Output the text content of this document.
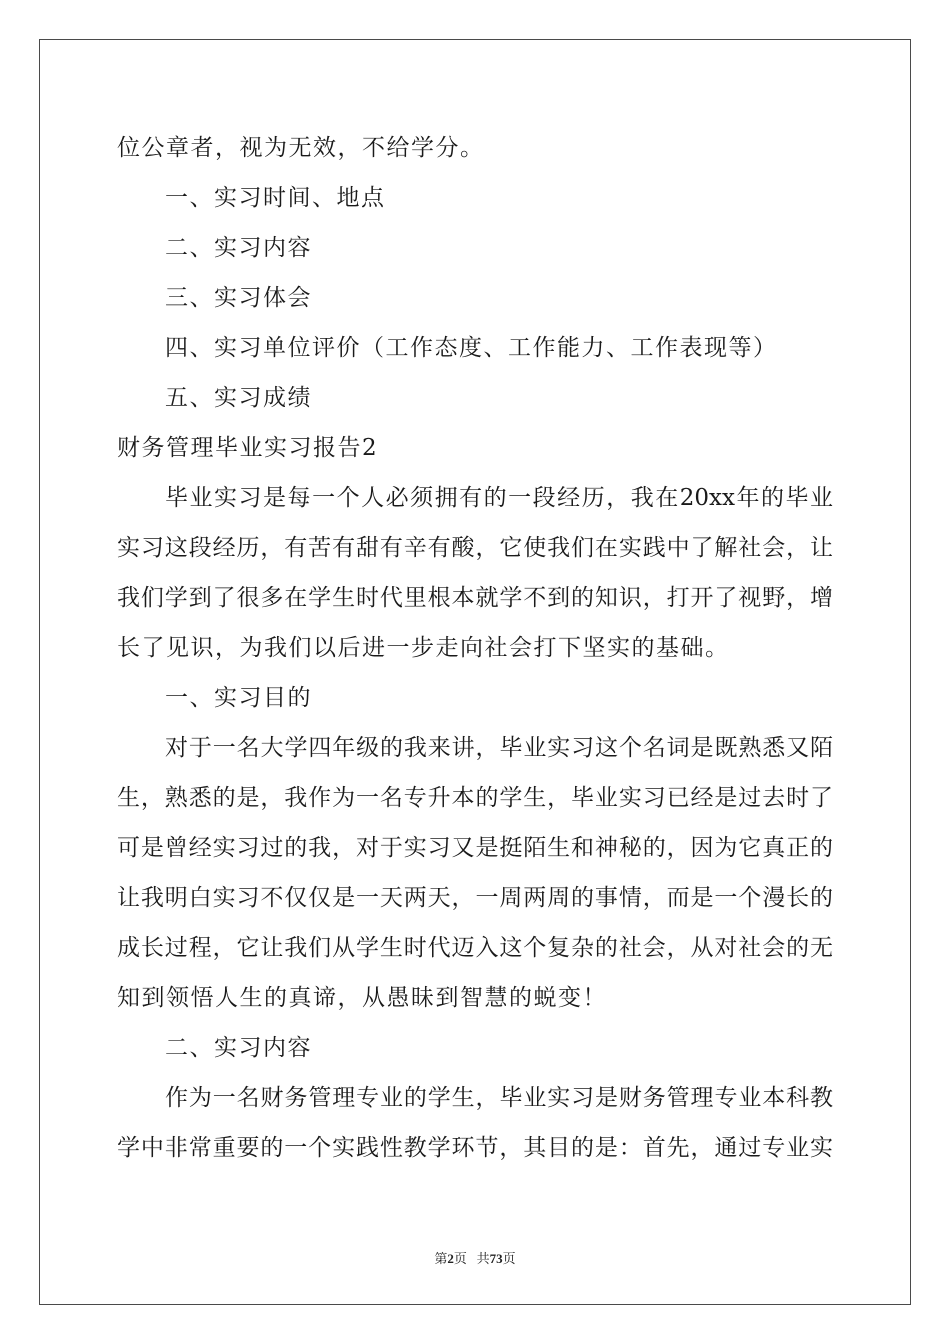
位公章者，视为无效，不给学分。
一、实习时间、地点
二、实习内容
三、实习体会
四、实习单位评价（工作态度、工作能力、工作表现等）
五、实习成绩
财务管理毕业实习报告2
毕业实习是每一个人必须拥有的一段经历，我在20xx年的毕业
实习这段经历，有苦有甜有辛有酸，它使我们在实践中了解社会，让
我们学到了很多在学生时代里根本就学不到的知识，打开了视野，增
长了见识，为我们以后进一步走向社会打下坚实的基础。
一、实习目的
对于一名大学四年级的我来讲，毕业实习这个名词是既熟悉又陌
生，熟悉的是，我作为一名专升本的学生，毕业实习已经是过去时了
可是曾经实习过的我，对于实习又是挺陌生和神秘的，因为它真正的
让我明白实习不仅仅是一天两天，一周两周的事情，而是一个漫长的
成长过程，它让我们从学生时代迈入这个复杂的社会，从对社会的无
知到领悟人生的真谛，从愚昧到智慧的蜕变！
二、实习内容
作为一名财务管理专业的学生，毕业实习是财务管理专业本科教
学中非常重要的一个实践性教学环节，其目的是：首先，通过专业实
第2页 共73页
